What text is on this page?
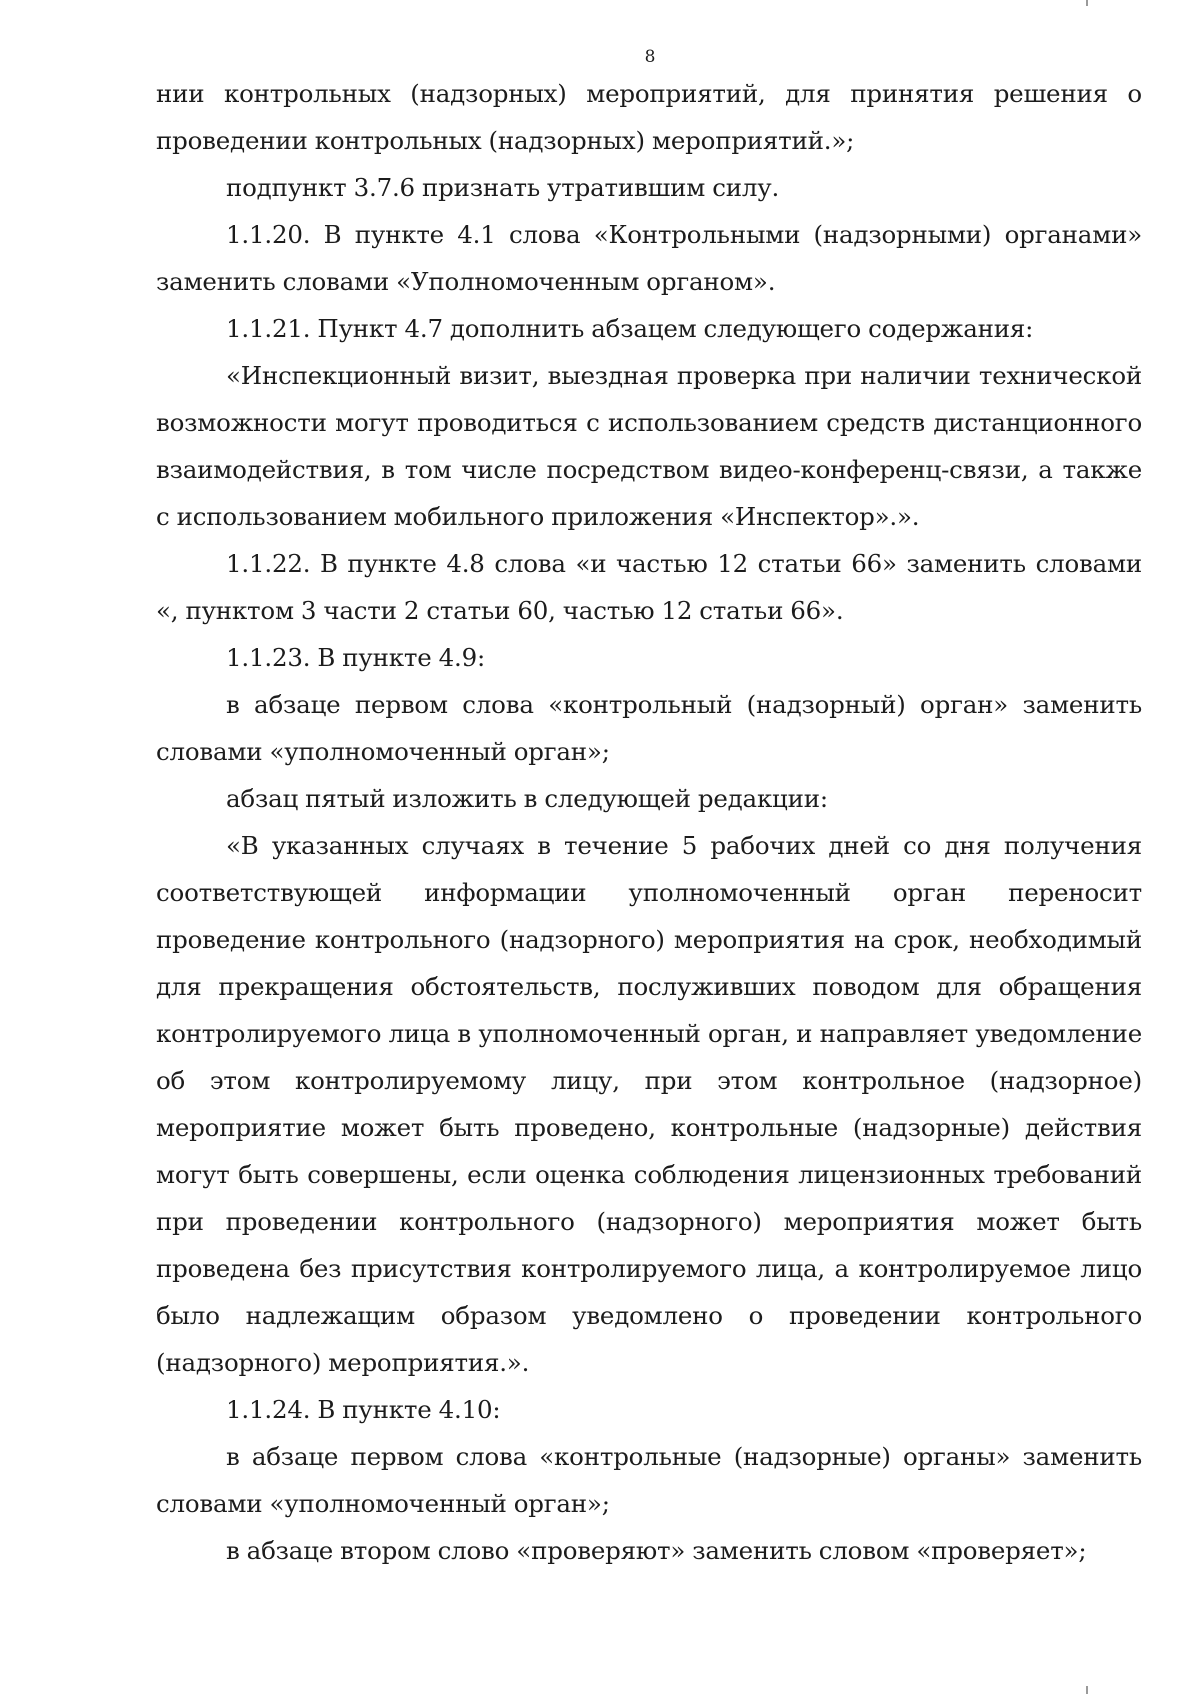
8

нии контрольных (надзорных) мероприятий, для принятия решения о проведении контрольных (надзорных) мероприятий.»;

подпункт 3.7.6 признать утратившим силу.

1.1.20. В пункте 4.1 слова «Контрольными (надзорными) органами» заменить словами «Уполномоченным органом».

1.1.21. Пункт 4.7 дополнить абзацем следующего содержания:

«Инспекционный визит, выездная проверка при наличии технической возможности могут проводиться с использованием средств дистанционного взаимодействия, в том числе посредством видео-конференц-связи, а также с использованием мобильного приложения «Инспектор».».

1.1.22. В пункте 4.8 слова «и частью 12 статьи 66» заменить словами «, пунктом 3 части 2 статьи 60, частью 12 статьи 66».

1.1.23. В пункте 4.9:

в абзаце первом слова «контрольный (надзорный) орган» заменить словами «уполномоченный орган»;

абзац пятый изложить в следующей редакции:

«В указанных случаях в течение 5 рабочих дней со дня получения соответствующей информации уполномоченный орган переносит проведение контрольного (надзорного) мероприятия на срок, необходимый для прекращения обстоятельств, послуживших поводом для обращения контролируемого лица в уполномоченный орган, и направляет уведомление об этом контролируемому лицу, при этом контрольное (надзорное) мероприятие может быть проведено, контрольные (надзорные) действия могут быть совершены, если оценка соблюдения лицензионных требований при проведении контрольного (надзорного) мероприятия может быть проведена без присутствия контролируемого лица, а контролируемое лицо было надлежащим образом уведомлено о проведении контрольного (надзорного) мероприятия.».

1.1.24. В пункте 4.10:

в абзаце первом слова «контрольные (надзорные) органы» заменить словами «уполномоченный орган»;

в абзаце втором слово «проверяют» заменить словом «проверяет»;
